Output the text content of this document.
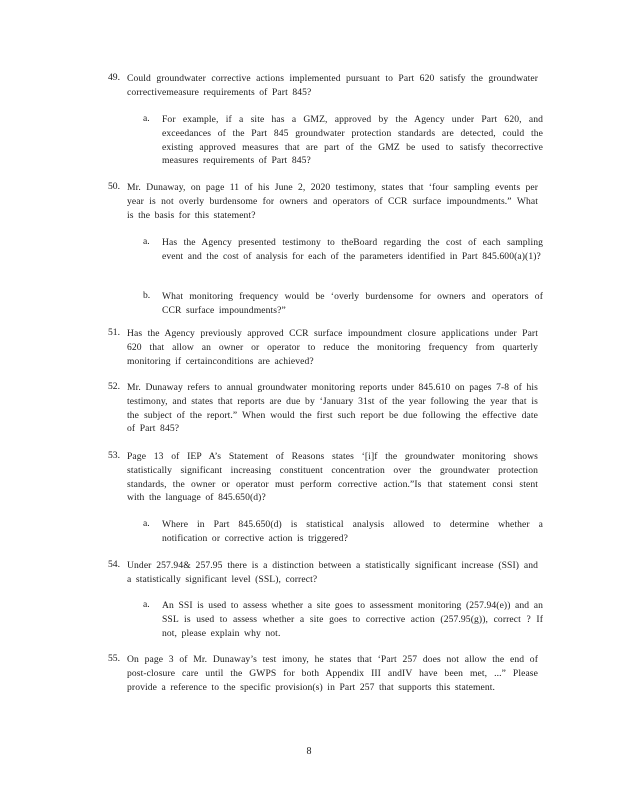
49. Could groundwater corrective actions implemented pursuant to Part 620 satisfy the groundwater correctivemeasure requirements of Part 845?
a. For example, if a site has a GMZ, approved by the Agency under Part 620, and exceedances of the Part 845 groundwater protection standards are detected, could the existing approved measures that are part of the GMZ be used to satisfy thecorrective measures requirements of Part 845?
50. Mr. Dunaway, on page 11 of his June 2, 2020 testimony, states that ‘four sampling events per year is not overly burdensome for owners and operators of CCR surface impoundments.” What is the basis for this statement?
a. Has the Agency presented testimony to theBoard regarding the cost of each sampling event and the cost of analysis for each of the parameters identified in Part 845.600(a)(1)?
b. What monitoring frequency would be ‘overly burdensome for owners and operators of CCR surface impoundments?”
51. Has the Agency previously approved CCR surface impoundment closure applications under Part 620 that allow an owner or operator to reduce the monitoring frequency from quarterly monitoring if certainconditions are achieved?
52. Mr. Dunaway refers to annual groundwater monitoring reports under 845.610 on pages 7-8 of his testimony, and states that reports are due by ‘January 31st of the year following the year that is the subject of the report.” When would the first such report be due following the effective date of Part 845?
53. Page 13 of IEP A’s Statement of Reasons states ‘[i]f the groundwater monitoring shows statistically significant increasing constituent concentration over the groundwater protection standards, the owner or operator must perform corrective action.”Is that statement consi stent with the language of 845.650(d)?
a. Where in Part 845.650(d) is statistical analysis allowed to determine whether a notification or corrective action is triggered?
54. Under 257.94& 257.95 there is a distinction between a statistically significant increase (SSI) and a statistically significant level (SSL), correct?
a. An SSI is used to assess whether a site goes to assessment monitoring (257.94(e)) and an SSL is used to assess whether a site goes to corrective action (257.95(g)), correct ? If not, please explain why not.
55. On page 3 of Mr. Dunaway’s test imony, he states that ‘Part 257 does not allow the end of post-closure care until the GWPS for both Appendix III andIV have been met, ...” Please provide a reference to the specific provision(s) in Part 257 that supports this statement.
8
